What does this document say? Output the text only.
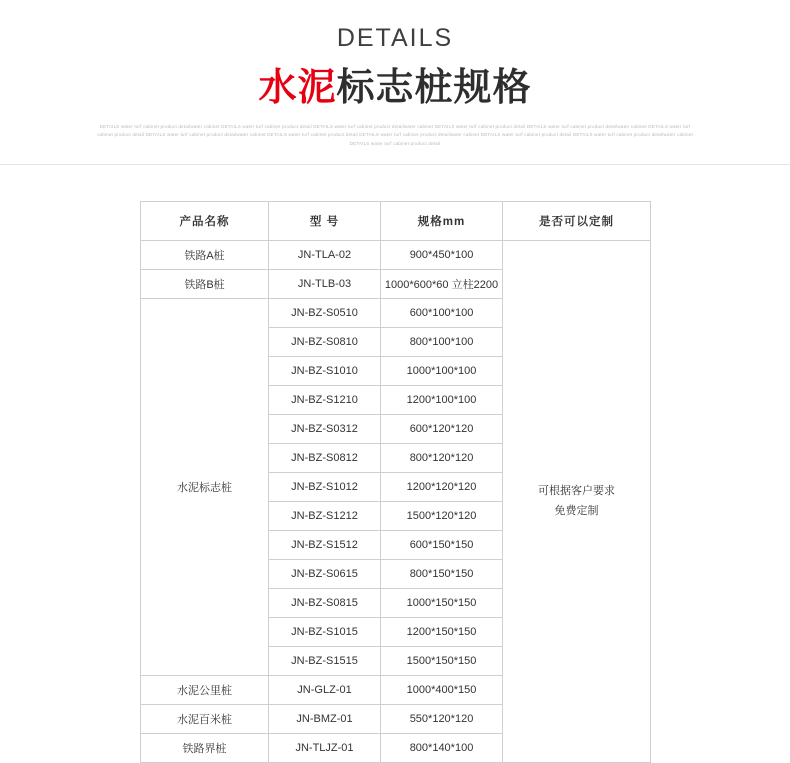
DETAILS
水泥标志桩规格
DETAILS water turf cabinet product detailwater cabinet DETAILS water turf cabinet product detail DETAILS water turf cabinet product detailwater cabinet DETAILS water turf cabinet product detail DETAILS water turf cabinet product detailwater cabinet DETAILS water turf cabinet product detail DETAILS water turf cabinet product detailwater cabinet DETAILS water turf cabinet product detail DETAILS water turf cabinet product detailwater cabinet DETAILS water turf cabinet product detail DETAILS water turf cabinet product detailwater cabinet DETAILS water turf cabinet product detail
产品名称	型 号	规格mm	是否可以定制
铁路A桩	JN-TLA-02	900*450*100	可根据客户要求
免费定制

铁路B桩	JN-TLB-03	1000*600*60 立柱2200	
水泥标志桩	JN-BZ-S0510	600*100*100	
	JN-BZ-S0810	800*100*100	
	JN-BZ-S1010	1000*100*100	
	JN-BZ-S1210	1200*100*100	
	JN-BZ-S0312	600*120*120	
	JN-BZ-S0812	800*120*120	
	JN-BZ-S1012	1200*120*120	
	JN-BZ-S1212	1500*120*120	
	JN-BZ-S1512	600*150*150	
	JN-BZ-S0615	800*150*150	
	JN-BZ-S0815	1000*150*150	
	JN-BZ-S1015	1200*150*150	
	JN-BZ-S1515	1500*150*150	
水泥公里桩	JN-GLZ-01	1000*400*150	
水泥百米桩	JN-BMZ-01	550*120*120	
铁路界桩	JN-TLJZ-01	800*140*100	
